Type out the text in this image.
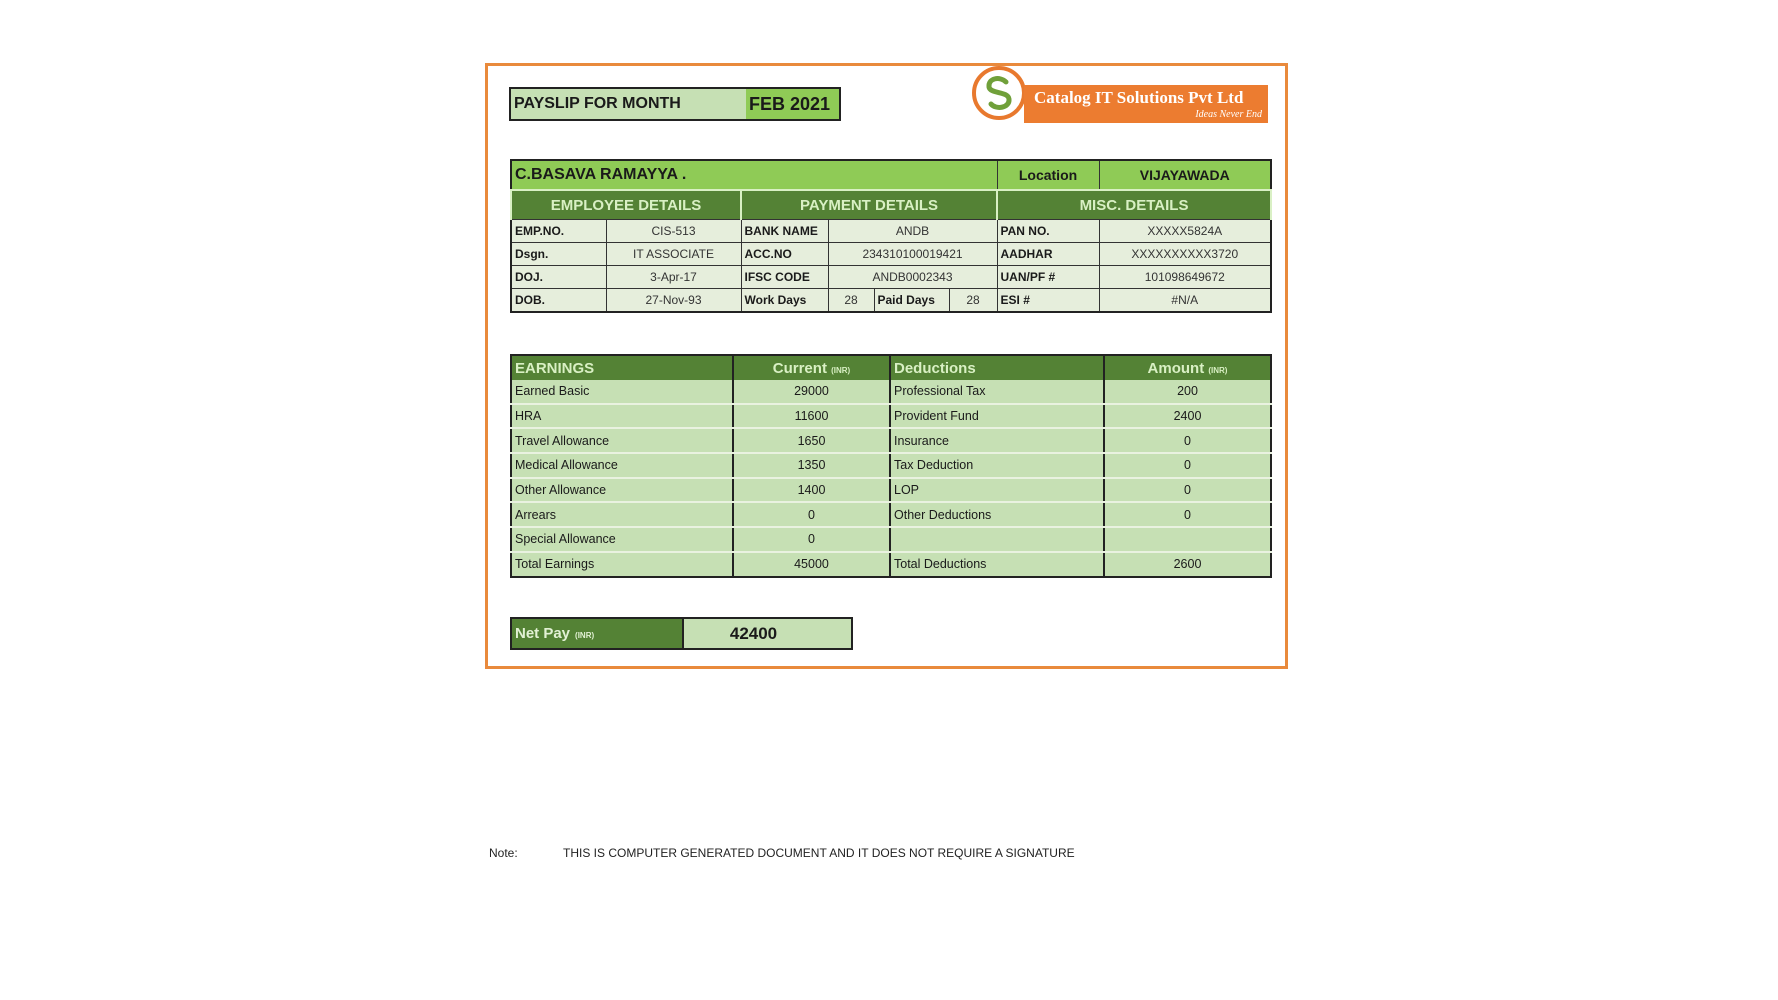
PAYSLIP FOR MONTH	FEB 2021	Catalog IT Solutions Pvt Ltd
Ideas Never End
C.BASAVA RAMAYYA .						Location	VIJAYAWADA
EMPLOYEE DETAILS		PAYMENT DETAILS				MISC. DETAILS	
EMP.NO.	CIS-513	BANK NAME	ANDB			PAN NO.	XXXXX5824A
Dsgn.	IT ASSOCIATE	ACC.NO	234310100019421			AADHAR	XXXXXXXXXX3720
DOJ.	3-Apr-17	IFSC CODE	ANDB0002343			UAN/PF #	101098649672
DOB.	27-Nov-93	Work Days	28	Paid Days	28	ESI #	#N/A
EARNINGS	Current (INR)	Deductions	Amount (INR)
Earned Basic	29000	Professional Tax	200
HRA	11600	Provident Fund	2400
Travel Allowance	1650	Insurance	0
Medical Allowance	1350	Tax Deduction	0
Other Allowance	1400	LOP	0
Arrears	0	Other Deductions	0
Special Allowance	0		
Total Earnings	45000	Total Deductions	2600
Net Pay (INR)	42400
Note:	THIS IS COMPUTER GENERATED DOCUMENT AND IT DOES NOT REQUIRE A SIGNATURE
